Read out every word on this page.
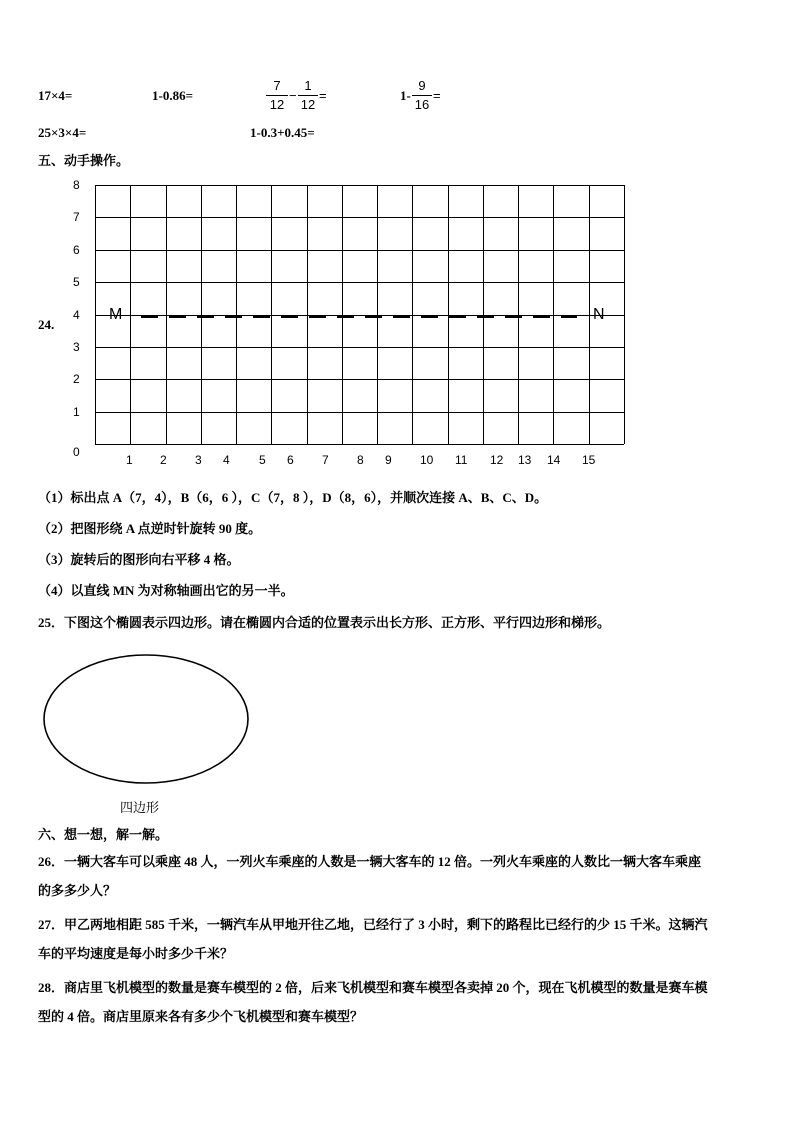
17×4=	1-0.86=
7
12
−
1
12
=	1-
9
16
=
25×3×4=	1-0.3+0.45=
五、动手操作。
24.
0
1
2
3
4
5
6
7
8
1 2 3 4 5 6 7 8 9 10 11 12 13 14 15
M	N
（1）标出点 A（7，4），B（6，6 ），C（7，8 ），D（8，6），并顺次连接 A、B、C、D。
（2）把图形绕 A 点逆时针旋转 90 度。
（3）旋转后的图形向右平移 4 格。
（4）以直线 MN 为对称轴画出它的另一半。
25．下图这个椭圆表示四边形。请在椭圆内合适的位置表示出长方形、正方形、平行四边形和梯形。
四边形
六、想一想，解一解。
26．一辆大客车可以乘座 48 人，一列火车乘座的人数是一辆大客车的 12 倍。一列火车乘座的人数比一辆大客车乘座
的多多少人？
27．甲乙两地相距 585 千米，一辆汽车从甲地开往乙地，已经行了 3 小时，剩下的路程比已经行的少 15 千米。这辆汽
车的平均速度是每小时多少千米？
28．商店里飞机模型的数量是赛车模型的 2 倍，后来飞机模型和赛车模型各卖掉 20 个，现在飞机模型的数量是赛车模
型的 4 倍。商店里原来各有多少个飞机模型和赛车模型？
